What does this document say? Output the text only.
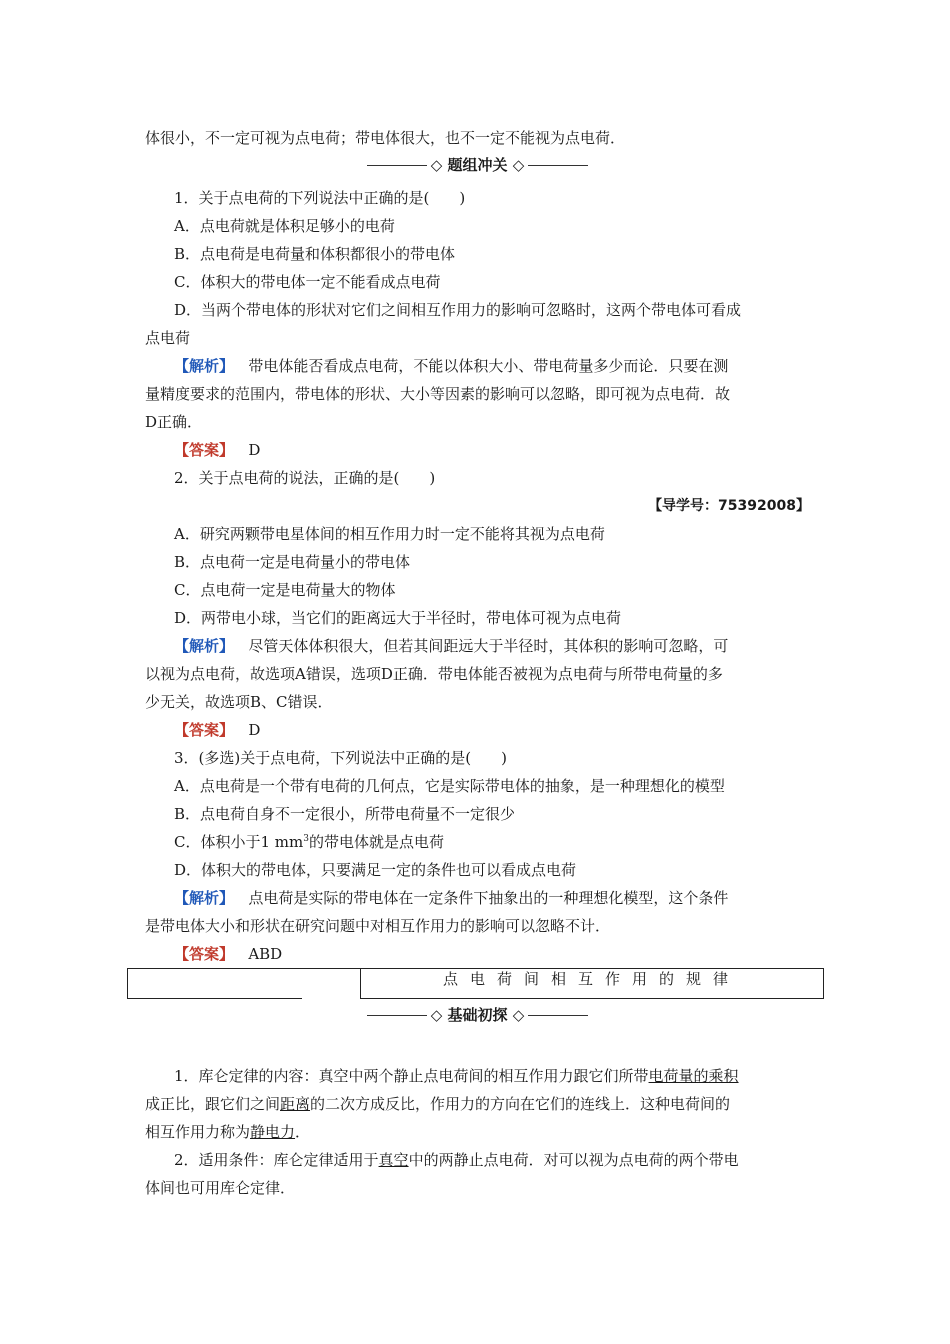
体很小，不一定可视为点电荷；带电体很大，也不一定不能视为点电荷．
◇ 题组冲关 ◇
1．关于点电荷的下列说法中正确的是(　　)
A．点电荷就是体积足够小的电荷
B．点电荷是电荷量和体积都很小的带电体
C．体积大的带电体一定不能看成点电荷
D．当两个带电体的形状对它们之间相互作用力的影响可忽略时，这两个带电体可看成
点电荷
【解析】 带电体能否看成点电荷，不能以体积大小、带电荷量多少而论．只要在测
量精度要求的范围内，带电体的形状、大小等因素的影响可以忽略，即可视为点电荷．故
D正确．
【答案】 D
2．关于点电荷的说法，正确的是(　　)
【导学号：75392008】
A．研究两颗带电星体间的相互作用力时一定不能将其视为点电荷
B．点电荷一定是电荷量小的带电体
C．点电荷一定是电荷量大的物体
D．两带电小球，当它们的距离远大于半径时，带电体可视为点电荷
【解析】 尽管天体体积很大，但若其间距远大于半径时，其体积的影响可忽略，可
以视为点电荷，故选项A错误，选项D正确．带电体能否被视为点电荷与所带电荷量的多
少无关，故选项B、C错误．
【答案】 D
3．(多选)关于点电荷，下列说法中正确的是(　　)
A．点电荷是一个带有电荷的几何点，它是实际带电体的抽象，是一种理想化的模型
B．点电荷自身不一定很小，所带电荷量不一定很少
C．体积小于1 $mm^3$的带电体就是点电荷
D．体积大的带电体，只要满足一定的条件也可以看成点电荷
【解析】 点电荷是实际的带电体在一定条件下抽象出的一种理想化模型，这个条件
是带电体大小和形状在研究问题中对相互作用力的影响可以忽略不计．
【答案】 ABD
点电荷间相互作用的规律
◇ 基础初探 ◇
1．库仑定律的内容：真空中两个静止点电荷间的相互作用力跟它们所带电荷量的乘积
成正比，跟它们之间距离的二次方成反比，作用力的方向在它们的连线上．这种电荷间的
相互作用力称为静电力．
2．适用条件：库仑定律适用于真空中的两静止点电荷．对可以视为点电荷的两个带电
体间也可用库仑定律．
